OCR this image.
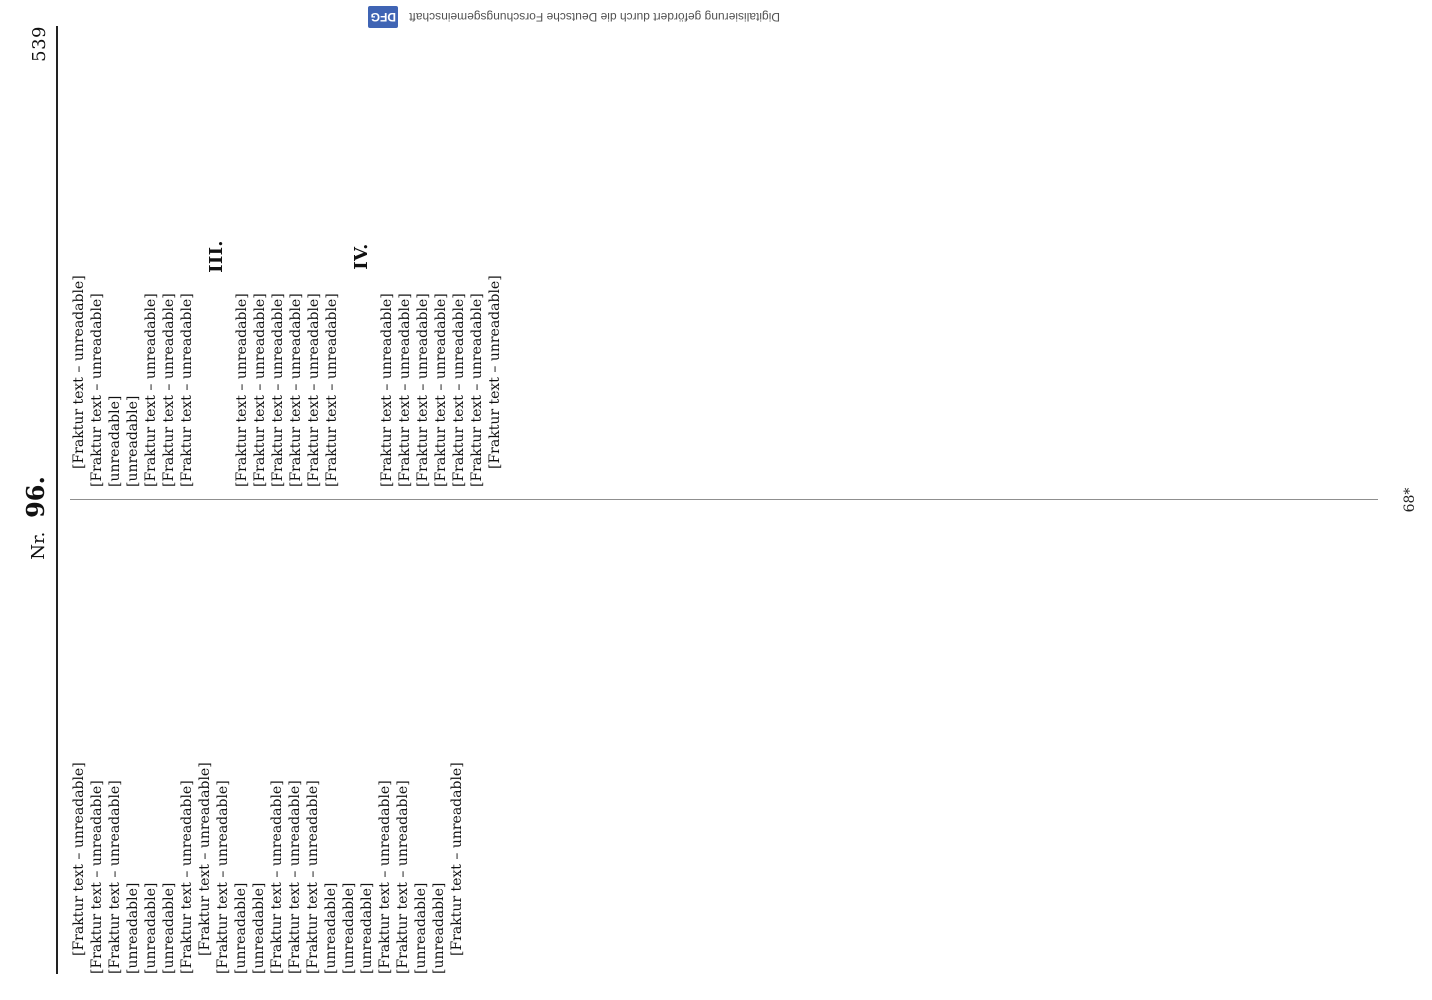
Nr. 96.
539
[Fraktur text – unreadable] [Fraktur text – unreadable] [Fraktur text – unreadable] [unreadable] [unreadable] [unreadable] [Fraktur text – unreadable] [Fraktur text – unreadable] [Fraktur text – unreadable] [unreadable] [unreadable] [Fraktur text – unreadable] [Fraktur text – unreadable] [Fraktur text – unreadable] [unreadable] [unreadable] [unreadable] [Fraktur text – unreadable] [Fraktur text – unreadable] [unreadable] [unreadable] [Fraktur text – unreadable]
[Fraktur text – unreadable] [Fraktur text – unreadable] [unreadable] [unreadable] [Fraktur text – unreadable] [Fraktur text – unreadable] [Fraktur text – unreadable]
III.
[Fraktur text – unreadable] [Fraktur text – unreadable] [Fraktur text – unreadable] [Fraktur text – unreadable] [Fraktur text – unreadable] [Fraktur text – unreadable]
IV.
[Fraktur text – unreadable] [Fraktur text – unreadable] [Fraktur text – unreadable] [Fraktur text – unreadable] [Fraktur text – unreadable] [Fraktur text – unreadable] [Fraktur text – unreadable]
68*
Digitalisierung gefördert durch die Deutsche Forschungsgemeinschaft DFG
